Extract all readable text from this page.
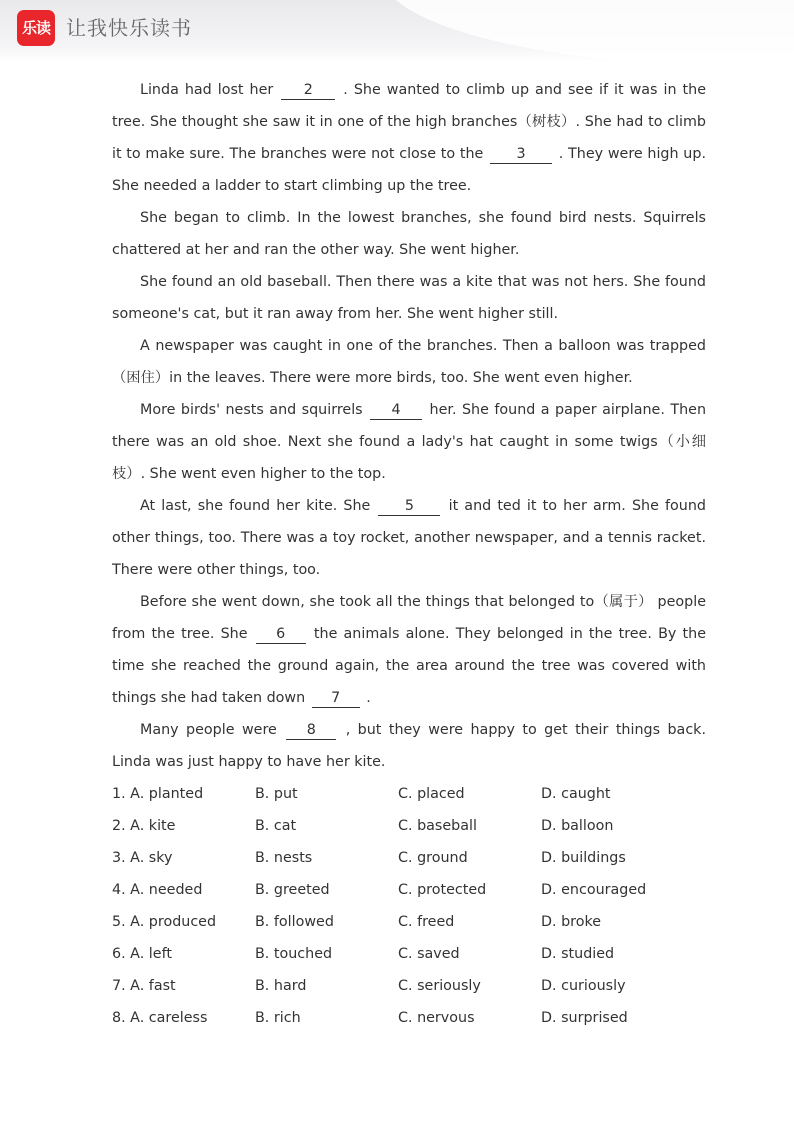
乐读 让我快乐读书

Linda had lost her 2 . She wanted to climb up and see if it was in the tree. She thought she saw it in one of the high branches（树枝）. She had to climb it to make sure. The branches were not close to the 3 . They were high up. She needed a ladder to start climbing up the tree.

She began to climb. In the lowest branches, she found bird nests. Squirrels chattered at her and ran the other way. She went higher.

She found an old baseball. Then there was a kite that was not hers. She found someone's cat, but it ran away from her. She went higher still.

A newspaper was caught in one of the branches. Then a balloon was trapped（困住）in the leaves. There were more birds, too. She went even higher.

More birds' nests and squirrels 4 her. She found a paper airplane. Then there was an old shoe. Next she found a lady's hat caught in some twigs（小细枝）. She went even higher to the top.

At last, she found her kite. She 5 it and ted it to her arm. She found other things, too. There was a toy rocket, another newspaper, and a tennis racket. There were other things, too.

Before she went down, she took all the things that belonged to（属于） people from the tree. She 6 the animals alone. They belonged in the tree. By the time she reached the ground again, the area around the tree was covered with things she had taken down 7 .

Many people were 8 , but they were happy to get their things back. Linda was just happy to have her kite.

1. A. planted	B. put	C. placed	D. caught
2. A. kite	B. cat	C. baseball	D. balloon
3. A. sky	B. nests	C. ground	D. buildings
4. A. needed	B. greeted	C. protected	D. encouraged
5. A. produced	B. followed	C. freed	D. broke
6. A. left	B. touched	C. saved	D. studied
7. A. fast	B. hard	C. seriously	D. curiously
8. A. careless	B. rich	C. nervous	D. surprised
